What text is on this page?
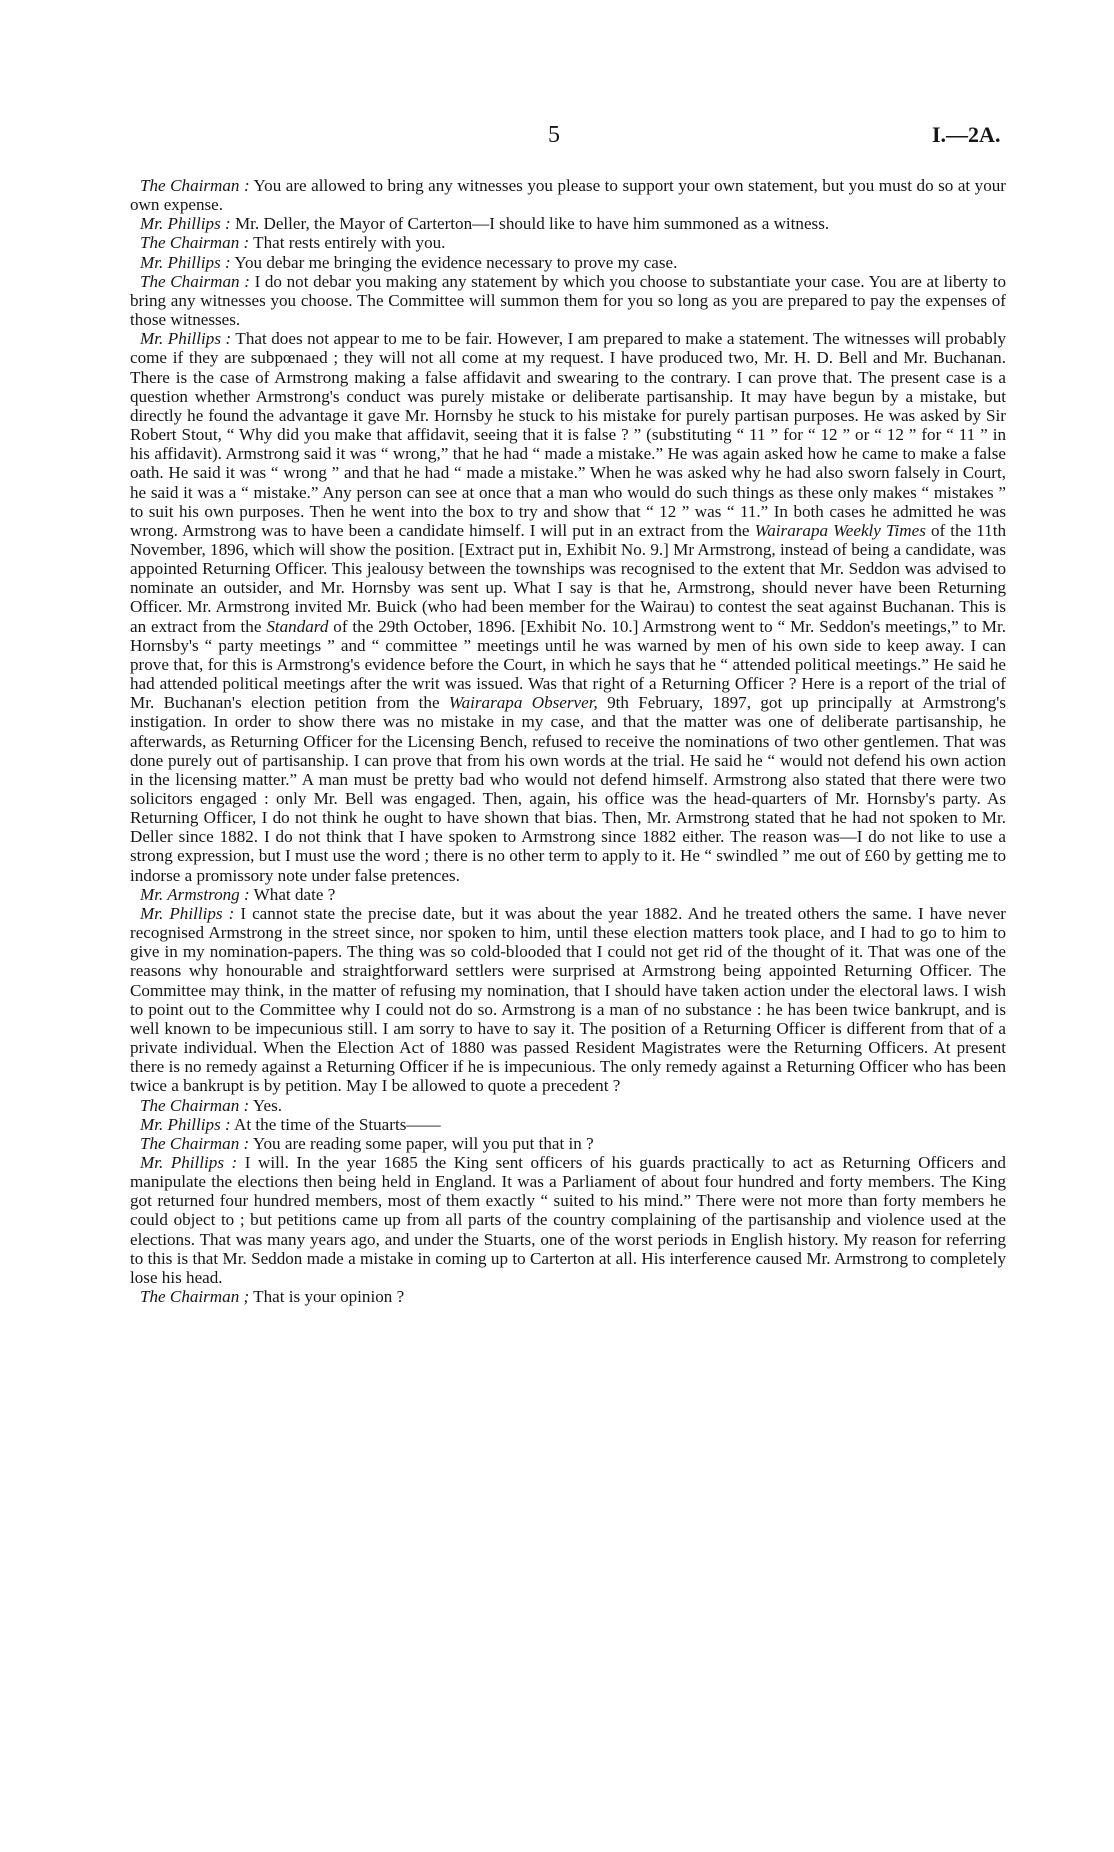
5	I.—2A.

The Chairman : You are allowed to bring any witnesses you please to support your own statement, but you must do so at your own expense.

Mr. Phillips : Mr. Deller, the Mayor of Carterton—I should like to have him summoned as a witness.

The Chairman : That rests entirely with you.

Mr. Phillips : You debar me bringing the evidence necessary to prove my case.

The Chairman : I do not debar you making any statement by which you choose to substantiate your case. You are at liberty to bring any witnesses you choose. The Committee will summon them for you so long as you are prepared to pay the expenses of those witnesses.

Mr. Phillips : That does not appear to me to be fair. However, I am prepared to make a statement. The witnesses will probably come if they are subpœnaed ; they will not all come at my request. I have produced two, Mr. H. D. Bell and Mr. Buchanan. There is the case of Armstrong making a false affidavit and swearing to the contrary. I can prove that. The present case is a question whether Armstrong's conduct was purely mistake or deliberate partisanship. It may have begun by a mistake, but directly he found the advantage it gave Mr. Hornsby he stuck to his mistake for purely partisan purposes. He was asked by Sir Robert Stout, “ Why did you make that affidavit, seeing that it is false ? ” (substituting “ 11 ” for “ 12 ” or “ 12 ” for “ 11 ” in his affidavit). Armstrong said it was “ wrong,” that he had “ made a mistake.” He was again asked how he came to make a false oath. He said it was “ wrong ” and that he had “ made a mistake.” When he was asked why he had also sworn falsely in Court, he said it was a “ mistake.” Any person can see at once that a man who would do such things as these only makes “ mistakes ” to suit his own purposes. Then he went into the box to try and show that “ 12 ” was “ 11.” In both cases he admitted he was wrong. Armstrong was to have been a candidate himself. I will put in an extract from the Wairarapa Weekly Times of the 11th November, 1896, which will show the position. [Extract put in, Exhibit No. 9.] Mr Armstrong, instead of being a candidate, was appointed Returning Officer. This jealousy between the townships was recognised to the extent that Mr. Seddon was advised to nominate an outsider, and Mr. Hornsby was sent up. What I say is that he, Armstrong, should never have been Returning Officer. Mr. Armstrong invited Mr. Buick (who had been member for the Wairau) to contest the seat against Buchanan. This is an extract from the Standard of the 29th October, 1896. [Exhibit No. 10.] Armstrong went to “ Mr. Seddon's meetings,” to Mr. Hornsby's “ party meetings ” and “ committee ” meetings until he was warned by men of his own side to keep away. I can prove that, for this is Armstrong's evidence before the Court, in which he says that he “ attended political meetings.” He said he had attended political meetings after the writ was issued. Was that right of a Returning Officer ? Here is a report of the trial of Mr. Buchanan's election petition from the Wairarapa Observer, 9th February, 1897, got up principally at Armstrong's instigation. In order to show there was no mistake in my case, and that the matter was one of deliberate partisanship, he afterwards, as Returning Officer for the Licensing Bench, refused to receive the nominations of two other gentlemen. That was done purely out of partisanship. I can prove that from his own words at the trial. He said he “ would not defend his own action in the licensing matter.” A man must be pretty bad who would not defend himself. Armstrong also stated that there were two solicitors engaged : only Mr. Bell was engaged. Then, again, his office was the head-quarters of Mr. Hornsby's party. As Returning Officer, I do not think he ought to have shown that bias. Then, Mr. Armstrong stated that he had not spoken to Mr. Deller since 1882. I do not think that I have spoken to Armstrong since 1882 either. The reason was—I do not like to use a strong expression, but I must use the word ; there is no other term to apply to it. He “ swindled ” me out of £60 by getting me to indorse a promissory note under false pretences.

Mr. Armstrong : What date ?

Mr. Phillips : I cannot state the precise date, but it was about the year 1882. And he treated others the same. I have never recognised Armstrong in the street since, nor spoken to him, until these election matters took place, and I had to go to him to give in my nomination-papers. The thing was so cold-blooded that I could not get rid of the thought of it. That was one of the reasons why honourable and straightforward settlers were surprised at Armstrong being appointed Returning Officer. The Committee may think, in the matter of refusing my nomination, that I should have taken action under the electoral laws. I wish to point out to the Committee why I could not do so. Armstrong is a man of no substance : he has been twice bankrupt, and is well known to be impecunious still. I am sorry to have to say it. The position of a Returning Officer is different from that of a private individual. When the Election Act of 1880 was passed Resident Magistrates were the Returning Officers. At present there is no remedy against a Returning Officer if he is impecunious. The only remedy against a Returning Officer who has been twice a bankrupt is by petition. May I be allowed to quote a precedent ?

The Chairman : Yes.

Mr. Phillips : At the time of the Stuarts——

The Chairman : You are reading some paper, will you put that in ?

Mr. Phillips : I will. In the year 1685 the King sent officers of his guards practically to act as Returning Officers and manipulate the elections then being held in England. It was a Parliament of about four hundred and forty members. The King got returned four hundred members, most of them exactly “ suited to his mind.” There were not more than forty members he could object to ; but petitions came up from all parts of the country complaining of the partisanship and violence used at the elections. That was many years ago, and under the Stuarts, one of the worst periods in English history. My reason for referring to this is that Mr. Seddon made a mistake in coming up to Carterton at all. His interference caused Mr. Armstrong to completely lose his head.

The Chairman ; That is your opinion ?
